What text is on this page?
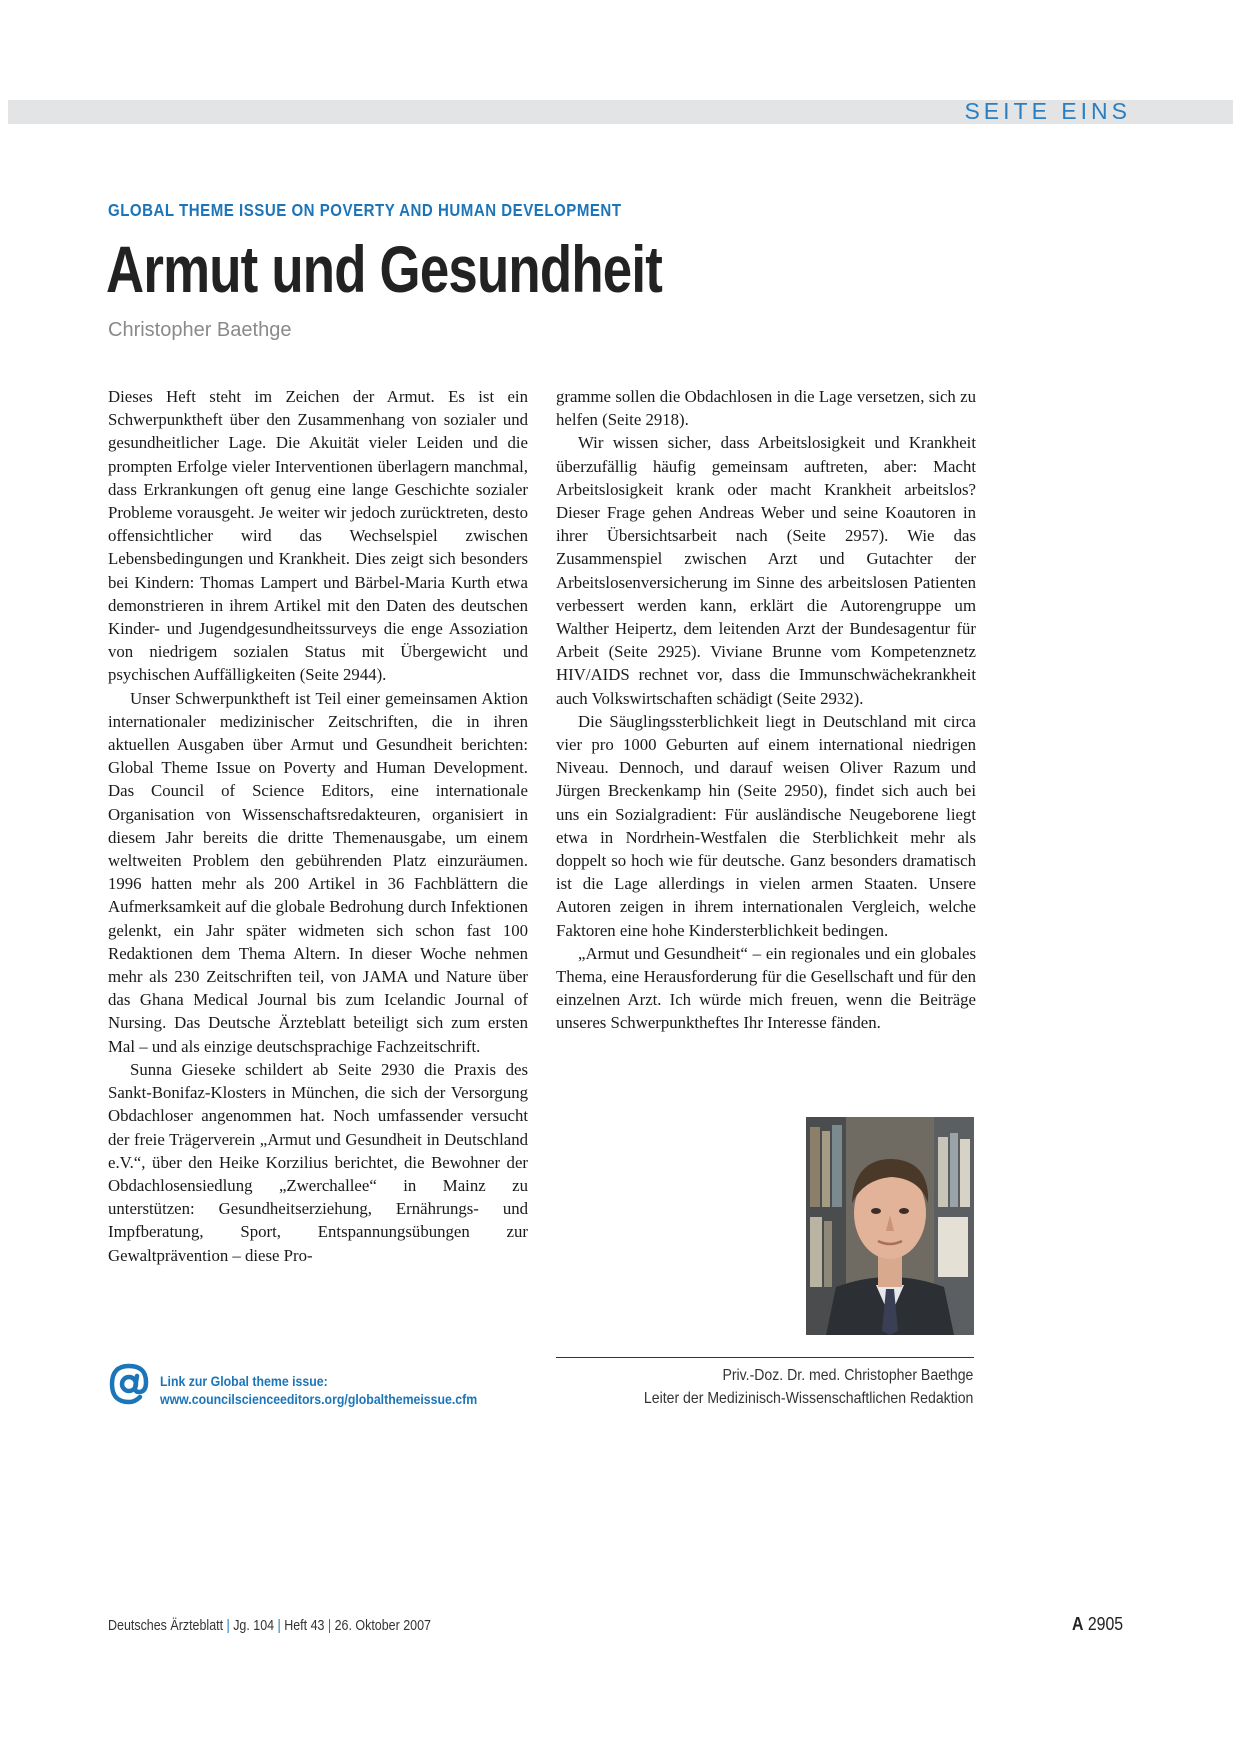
SEITE EINS
GLOBAL THEME ISSUE ON POVERTY AND HUMAN DEVELOPMENT
Armut und Gesundheit
Christopher Baethge

Dieses Heft steht im Zeichen der Armut. Es ist ein Schwerpunktheft über den Zusammenhang von sozialer und gesundheitlicher Lage. Die Akuität vieler Leiden und die prompten Erfolge vieler Interventionen überlagern manchmal, dass Erkrankungen oft genug eine lange Geschichte sozialer Probleme vorausgeht. Je weiter wir jedoch zurücktreten, desto offensichtlicher wird das Wechselspiel zwischen Lebensbedingungen und Krankheit. Dies zeigt sich besonders bei Kindern: Thomas Lampert und Bärbel-Maria Kurth etwa demonstrieren in ihrem Artikel mit den Daten des deutschen Kinder- und Jugendgesundheitssurveys die enge Assoziation von niedrigem sozialen Status mit Übergewicht und psychischen Auffälligkeiten (Seite 2944).

Unser Schwerpunktheft ist Teil einer gemeinsamen Aktion internationaler medizinischer Zeitschriften, die in ihren aktuellen Ausgaben über Armut und Gesundheit berichten: Global Theme Issue on Poverty and Human Development. Das Council of Science Editors, eine internationale Organisation von Wissenschaftsredakteuren, organisiert in diesem Jahr bereits die dritte Themenausgabe, um einem weltweiten Problem den gebührenden Platz einzuräumen. 1996 hatten mehr als 200 Artikel in 36 Fachblättern die Aufmerksamkeit auf die globale Bedrohung durch Infektionen gelenkt, ein Jahr später widmeten sich schon fast 100 Redaktionen dem Thema Altern. In dieser Woche nehmen mehr als 230 Zeitschriften teil, von JAMA und Nature über das Ghana Medical Journal bis zum Icelandic Journal of Nursing. Das Deutsche Ärzteblatt beteiligt sich zum ersten Mal – und als einzige deutschsprachige Fachzeitschrift.

Sunna Gieseke schildert ab Seite 2930 die Praxis des Sankt-Bonifaz-Klosters in München, die sich der Versorgung Obdachloser angenommen hat. Noch umfassender versucht der freie Trägerverein „Armut und Gesundheit in Deutschland e.V.“, über den Heike Korzilius berichtet, die Bewohner der Obdachlosensiedlung „Zwerchallee“ in Mainz zu unterstützen: Gesundheitserziehung, Ernährungs- und Impfberatung, Sport, Entspannungsübungen zur Gewaltprävention – diese Pro-

gramme sollen die Obdachlosen in die Lage versetzen, sich zu helfen (Seite 2918).

Wir wissen sicher, dass Arbeitslosigkeit und Krankheit überzufällig häufig gemeinsam auftreten, aber: Macht Arbeitslosigkeit krank oder macht Krankheit arbeitslos? Dieser Frage gehen Andreas Weber und seine Koautoren in ihrer Übersichtsarbeit nach (Seite 2957). Wie das Zusammenspiel zwischen Arzt und Gutachter der Arbeitslosenversicherung im Sinne des arbeitslosen Patienten verbessert werden kann, erklärt die Autorengruppe um Walther Heipertz, dem leitenden Arzt der Bundesagentur für Arbeit (Seite 2925). Viviane Brunne vom Kompetenznetz HIV/AIDS rechnet vor, dass die Immunschwächekrankheit auch Volkswirtschaften schädigt (Seite 2932).

Die Säuglingssterblichkeit liegt in Deutschland mit circa vier pro 1000 Geburten auf einem international niedrigen Niveau. Dennoch, und darauf weisen Oliver Razum und Jürgen Breckenkamp hin (Seite 2950), findet sich auch bei uns ein Sozialgradient: Für ausländische Neugeborene liegt etwa in Nordrhein-Westfalen die Sterblichkeit mehr als doppelt so hoch wie für deutsche. Ganz besonders dramatisch ist die Lage allerdings in vielen armen Staaten. Unsere Autoren zeigen in ihrem internationalen Vergleich, welche Faktoren eine hohe Kindersterblichkeit bedingen.

„Armut und Gesundheit“ – ein regionales und ein globales Thema, eine Herausforderung für die Gesellschaft und für den einzelnen Arzt. Ich würde mich freuen, wenn die Beiträge unseres Schwerpunktheftes Ihr Interesse fänden.

Priv.-Doz. Dr. med. Christopher Baethge
Leiter der Medizinisch-Wissenschaftlichen Redaktion
Link zur Global theme issue:
www.councilscienceeditors.org/globalthemeissue.cfm
Deutsches Ärzteblatt | Jg. 104 | Heft 43 | 26. Oktober 2007	A 2905
